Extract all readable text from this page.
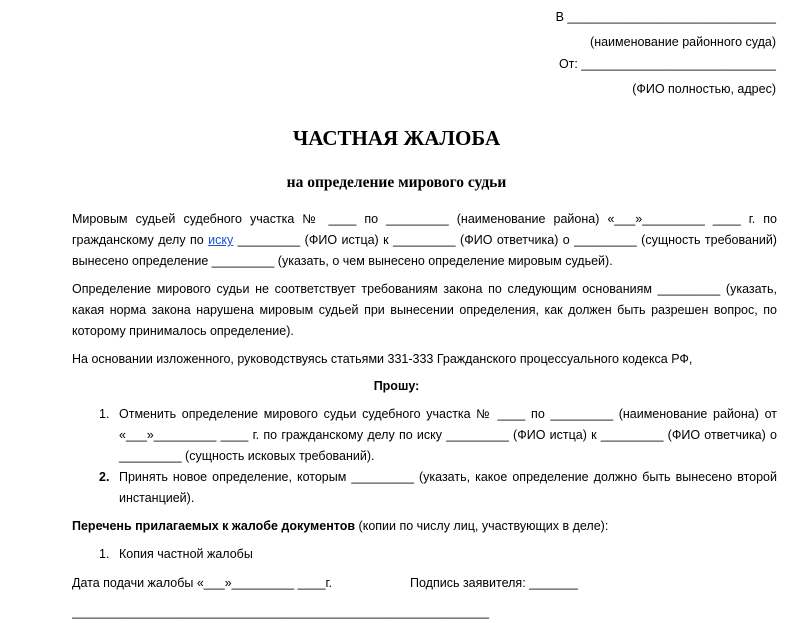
В ______________________________
(наименование районного суда)
От: ____________________________
(ФИО полностью, адрес)
ЧАСТНАЯ ЖАЛОБА
на определение мирового судьи
Мировым судьей судебного участка № ____ по _________ (наименование района) «___»_________ ____ г. по гражданскому делу по иску _________ (ФИО истца) к _________ (ФИО ответчика) о _________ (сущность требований) вынесено определение _________ (указать, о чем вынесено определение мировым судьей).
Определение мирового судьи не соответствует требованиям закона по следующим основаниям _________ (указать, какая норма закона нарушена мировым судьей при вынесении определения, как должен быть разрешен вопрос, по которому принималось определение).
На основании изложенного, руководствуясь статьями 331-333 Гражданского процессуального кодекса РФ,
Прошу:
1. Отменить определение мирового судьи судебного участка № ____ по _________ (наименование района) от «___»_________ ____ г. по гражданскому делу по иску _________ (ФИО истца) к _________ (ФИО ответчика) о _________ (сущность исковых требований).
2. Принять новое определение, которым _________ (указать, какое определение должно быть вынесено второй инстанцией).
Перечень прилагаемых к жалобе документов (копии по числу лиц, участвующих в деле):
1. Копия частной жалобы
Дата подачи жалобы «___»_________ ____г.	Подпись заявителя: _______
____________________________________________________________
